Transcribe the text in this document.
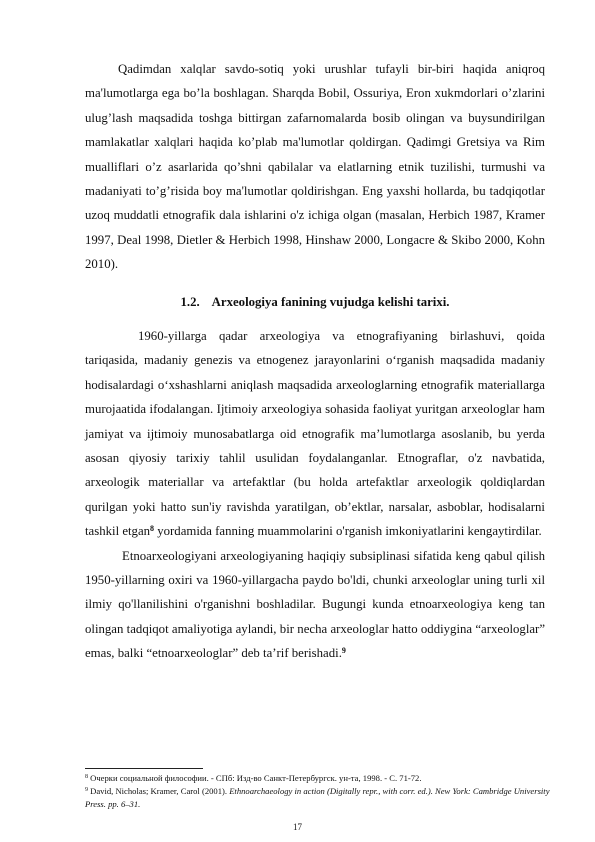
Qadimdan xalqlar savdo-sotiq yoki urushlar tufayli bir-biri haqida aniqroq ma'lumotlarga ega bo’la boshlagan. Sharqda Bobil, Ossuriya, Eron xukmdorlari o’zlarini ulug’lash maqsadida toshga bittirgan zafarnomalarda bosib olingan va buysundirilgan mamlakatlar xalqlari haqida ko’plab ma'lumotlar qoldirgan. Qadimgi Gretsiya va Rim mualliflari o’z asarlarida qo’shni qabilalar va elatlarning etnik tuzilishi, turmushi va madaniyati to’g’risida boy ma'lumotlar qoldirishgan. Eng yaxshi hollarda, bu tadqiqotlar uzoq muddatli etnografik dala ishlarini o'z ichiga olgan (masalan, Herbich 1987, Kramer 1997, Deal 1998, Dietler & Herbich 1998, Hinshaw 2000, Longacre & Skibo 2000, Kohn 2010).

1.2. Arxeologiya fanining vujudga kelishi tarixi.

1960-yillarga qadar arxeologiya va etnografiyaning birlashuvi, qoida tariqasida, madaniy genezis va etnogenez jarayonlarini o‘rganish maqsadida madaniy hodisalardagi o‘xshashlarni aniqlash maqsadida arxeologlarning etnografik materiallarga murojaatida ifodalangan. Ijtimoiy arxeologiya sohasida faoliyat yuritgan arxeologlar ham jamiyat va ijtimoiy munosabatlarga oid etnografik ma’lumotlarga asoslanib, bu yerda asosan qiyosiy tarixiy tahlil usulidan foydalanganlar. Etnograflar, o'z navbatida, arxeologik materiallar va artefaktlar (bu holda artefaktlar arxeologik qoldiqlardan qurilgan yoki hatto sun'iy ravishda yaratilgan, ob’ektlar, narsalar, asboblar, hodisalarni tashkil etgan$^8$ yordamida fanning muammolarini o'rganish imkoniyatlarini kengaytirdilar.

Etnoarxeologiyani arxeologiyaning haqiqiy subsiplinasi sifatida keng qabul qilish 1950-yillarning oxiri va 1960-yillargacha paydo bo'ldi, chunki arxeologlar uning turli xil ilmiy qo'llanilishini o'rganishni boshladilar. Bugungi kunda etnoarxeologiya keng tan olingan tadqiqot amaliyotiga aylandi, bir necha arxeologlar hatto oddiygina “arxeologlar” emas, balki “etnoarxeologlar” deb ta’rif berishadi.$^9$

$^8$ Очерки социальной философии. - СПб: Изд-во Санкт-Петербургск. ун-та, 1998. - С. 71-72.

$^9$ David, Nicholas; Kramer, Carol (2001). Ethnoarchaeology in action (Digitally repr., with corr. ed.). New York: Cambridge University Press. pp. 6–31.

17
